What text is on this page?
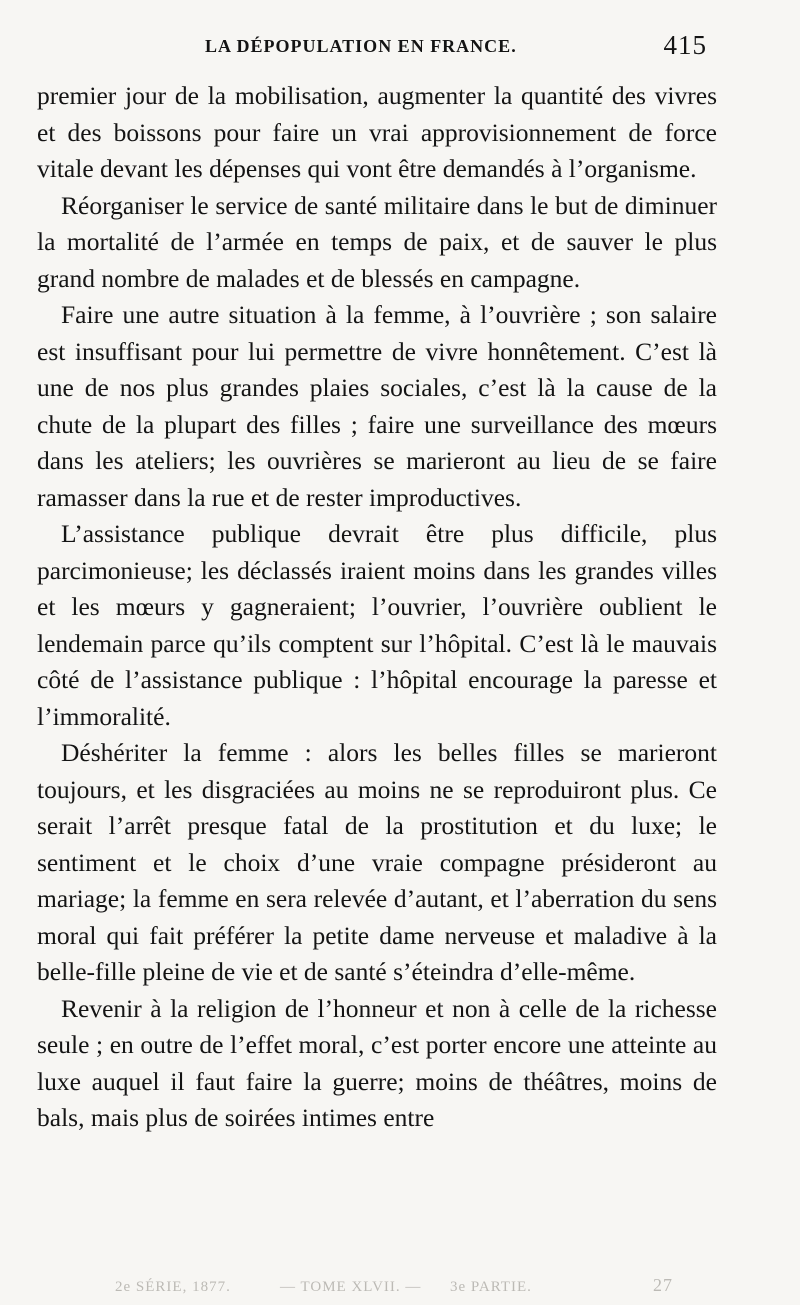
LA DÉPOPULATION EN FRANCE.	415

premier jour de la mobilisation, augmenter la quantité des vivres et des boissons pour faire un vrai approvisionnement de force vitale devant les dépenses qui vont être demandés à l’organisme.

Réorganiser le service de santé militaire dans le but de diminuer la mortalité de l’armée en temps de paix, et de sauver le plus grand nombre de malades et de blessés en campagne.

Faire une autre situation à la femme, à l’ouvrière ; son salaire est insuffisant pour lui permettre de vivre honnêtement. C’est là une de nos plus grandes plaies sociales, c’est là la cause de la chute de la plupart des filles ; faire une surveillance des mœurs dans les ateliers; les ouvrières se marieront au lieu de se faire ramasser dans la rue et de rester improductives.

L’assistance publique devrait être plus difficile, plus parcimonieuse; les déclassés iraient moins dans les grandes villes et les mœurs y gagneraient; l’ouvrier, l’ouvrière oublient le lendemain parce qu’ils comptent sur l’hôpital. C’est là le mauvais côté de l’assistance publique : l’hôpital encourage la paresse et l’immoralité.

Déshériter la femme : alors les belles filles se marieront toujours, et les disgraciées au moins ne se reproduiront plus. Ce serait l’arrêt presque fatal de la prostitution et du luxe; le sentiment et le choix d’une vraie compagne présideront au mariage; la femme en sera relevée d’autant, et l’aberration du sens moral qui fait préférer la petite dame nerveuse et maladive à la belle-fille pleine de vie et de santé s’éteindra d’elle-même.

Revenir à la religion de l’honneur et non à celle de la richesse seule ; en outre de l’effet moral, c’est porter encore une atteinte au luxe auquel il faut faire la guerre; moins de théâtres, moins de bals, mais plus de soirées intimes entre

2e SÉRIE, 1877.	— TOME XLVII. — 3e PARTIE.	27
